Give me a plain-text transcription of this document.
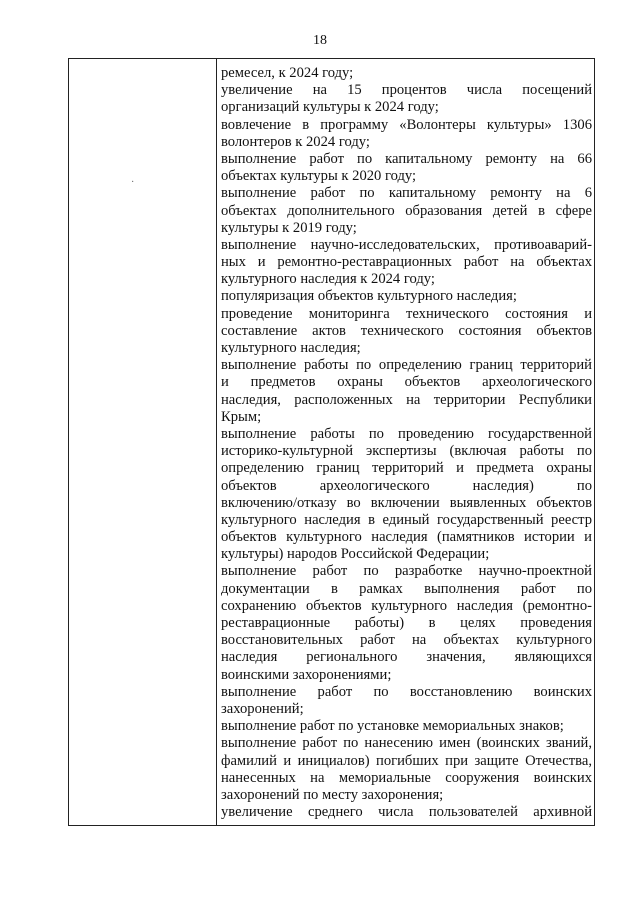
18
·
ремесел, к 2024 году;
увеличение на 15 процентов числа посещений
организаций культуры к 2024 году;
вовлечение в программу «Волонтеры культуры» 1306
волонтеров к 2024 году;
выполнение работ по капитальному ремонту на 66
объектах культуры к 2020 году;
выполнение работ по капитальному ремонту на 6
объектах дополнительного образования детей в сфере
культуры к 2019 году;
выполнение научно-исследовательских, противоаварий-
ных и ремонтно-реставрационных работ на объектах
культурного наследия к 2024 году;
популяризация объектов культурного наследия;
проведение мониторинга технического состояния и
составление актов технического состояния объектов
культурного наследия;
выполнение работы по определению границ территорий
и предметов охраны объектов археологического
наследия, расположенных на территории Республики
Крым;
выполнение работы по проведению государственной
историко-культурной экспертизы (включая работы по
определению границ территорий и предмета охраны
объектов археологического наследия) по
включению/отказу во включении выявленных объектов
культурного наследия в единый государственный реестр
объектов культурного наследия (памятников истории и
культуры) народов Российской Федерации;
выполнение работ по разработке научно-проектной
документации в рамках выполнения работ по
сохранению объектов культурного наследия (ремонтно-
реставрационные работы) в целях проведения
восстановительных работ на объектах культурного
наследия регионального значения, являющихся
воинскими захоронениями;
выполнение работ по восстановлению воинских
захоронений;
выполнение работ по установке мемориальных знаков;
выполнение работ по нанесению имен (воинских званий,
фамилий и инициалов) погибших при защите Отечества,
нанесенных на мемориальные сооружения воинских
захоронений по месту захоронения;
увеличение среднего числа пользователей архивной
